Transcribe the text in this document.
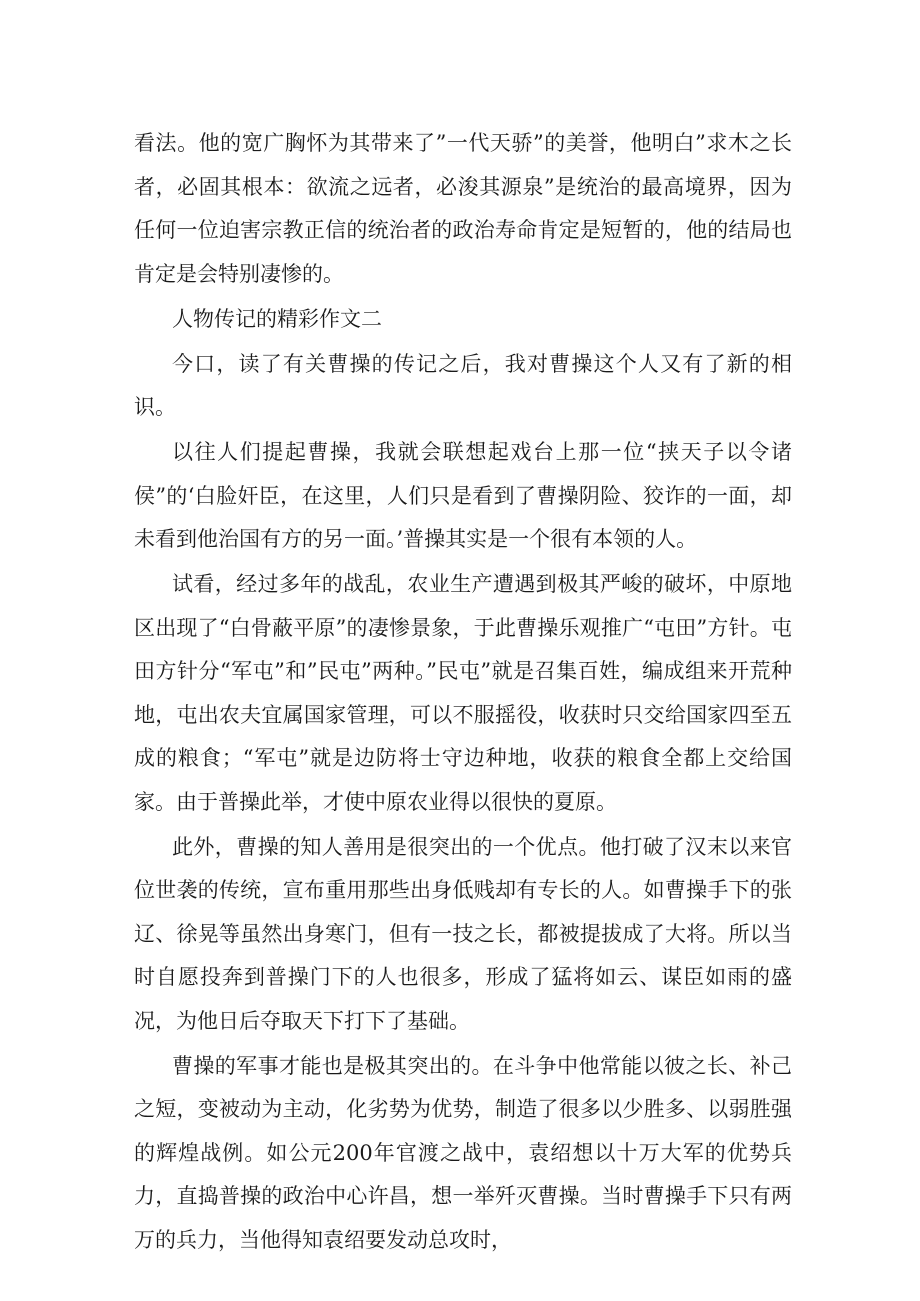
看法。他的宽广胸怀为其带来了”一代天骄”的美誉，他明白”求木之长者，必固其根本：欲流之远者，必浚其源泉”是统治的最高境界，因为任何一位迫害宗教正信的统治者的政治寿命肯定是短暂的，他的结局也肯定是会特别凄惨的。

人物传记的精彩作文二

今口，读了有关曹操的传记之后，我对曹操这个人又有了新的相识。

以往人们提起曹操，我就会联想起戏台上那一位“挟天子以令诸侯”的‘白脸奸臣，在这里，人们只是看到了曹操阴险、狡诈的一面，却未看到他治国有方的另一面。’普操其实是一个很有本领的人。

试看，经过多年的战乱，农业生产遭遇到极其严峻的破坏，中原地区出现了“白骨蔽平原”的凄惨景象，于此曹操乐观推广“屯田”方针。屯田方针分“军屯”和”民屯”两种。”民屯”就是召集百姓，编成组来开荒种地，屯出农夫宜属国家管理，可以不服摇役，收获时只交给国家四至五成的粮食；“军屯”就是边防将士守边种地，收获的粮食全都上交给国家。由于普操此举，才使中原农业得以很快的夏原。

此外，曹操的知人善用是很突出的一个优点。他打破了汉末以来官位世袭的传统，宣布重用那些出身低贱却有专长的人。如曹操手下的张辽、徐晃等虽然出身寒门，但有一技之长，都被提拔成了大将。所以当时自愿投奔到普操门下的人也很多，形成了猛将如云、谋臣如雨的盛况，为他日后夺取天下打下了基础。

曹操的军事才能也是极其突出的。在斗争中他常能以彼之长、补己之短，变被动为主动，化劣势为优势，制造了很多以少胜多、以弱胜强的辉煌战例。如公元200年官渡之战中，袁绍想以十万大军的优势兵力，直捣普操的政治中心许昌，想一举歼灭曹操。当时曹操手下只有两万的兵力，当他得知袁绍要发动总攻时，
